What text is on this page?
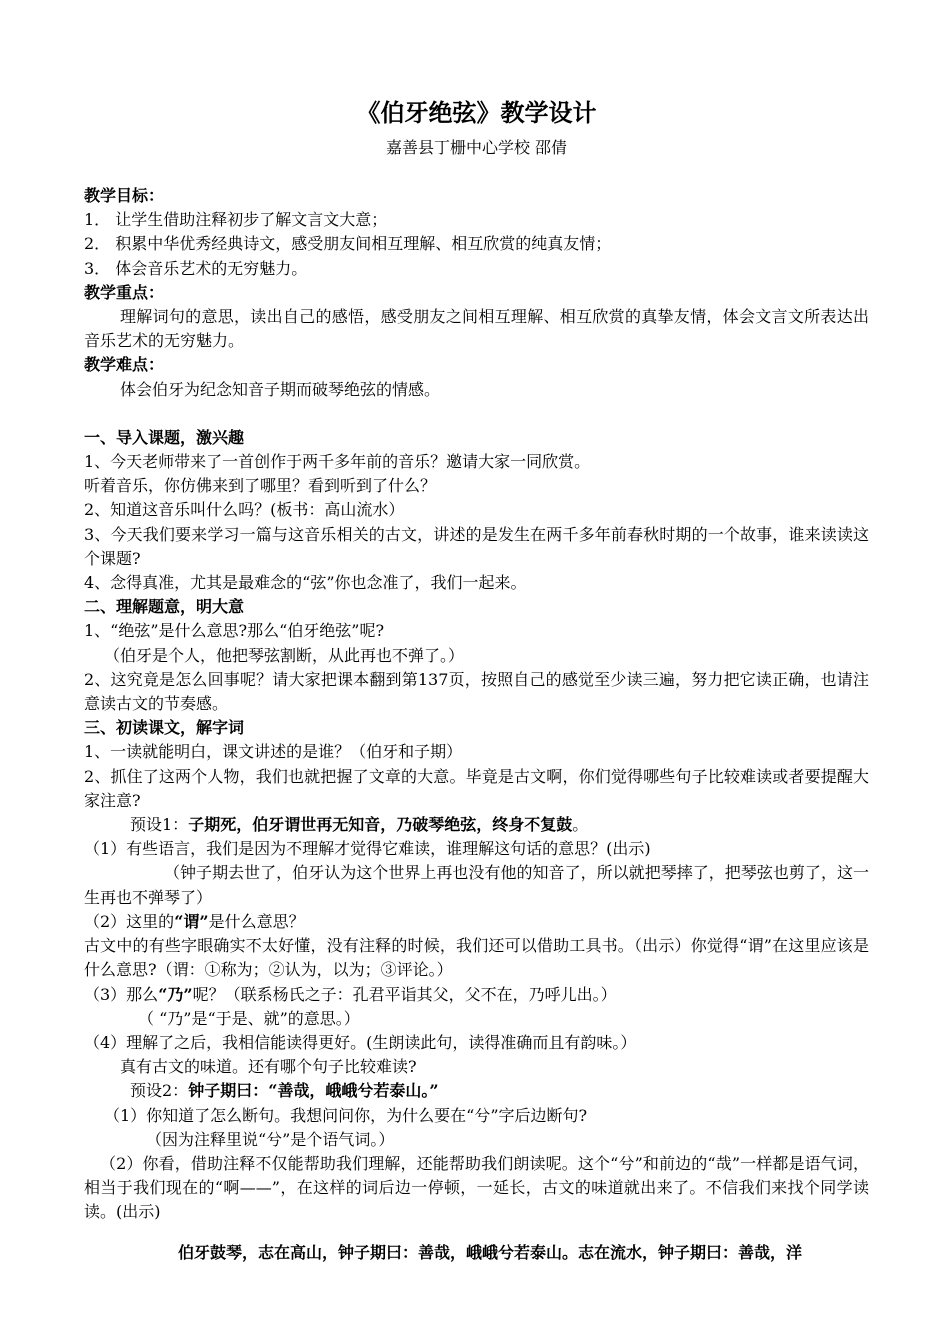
《伯牙绝弦》教学设计

嘉善县丁栅中心学校 邵倩

教学目标：

1． 让学生借助注释初步了解文言文大意；

2． 积累中华优秀经典诗文，感受朋友间相互理解、相互欣赏的纯真友情；

3． 体会音乐艺术的无穷魅力。

教学重点：

理解词句的意思，读出自己的感悟，感受朋友之间相互理解、相互欣赏的真挚友情，体会文言文所表达出音乐艺术的无穷魅力。

教学难点：

体会伯牙为纪念知音子期而破琴绝弦的情感。

一、导入课题，激兴趣

1、今天老师带来了一首创作于两千多年前的音乐？邀请大家一同欣赏。

听着音乐，你仿佛来到了哪里？看到听到了什么？

2、知道这音乐叫什么吗？(板书：高山流水）

3、今天我们要来学习一篇与这音乐相关的古文，讲述的是发生在两千多年前春秋时期的一个故事，谁来读读这个课题?

4、念得真准，尤其是最难念的“弦”你也念准了，我们一起来。

二、理解题意，明大意

1、“绝弦”是什么意思?那么“伯牙绝弦”呢?

（伯牙是个人，他把琴弦割断，从此再也不弹了。）

2、这究竟是怎么回事呢？请大家把课本翻到第137页，按照自己的感觉至少读三遍，努力把它读正确，也请注意读古文的节奏感。

三、初读课文，解字词

1、一读就能明白，课文讲述的是谁？（伯牙和子期）

2、抓住了这两个人物，我们也就把握了文章的大意。毕竟是古文啊，你们觉得哪些句子比较难读或者要提醒大家注意?

预设1：子期死，伯牙谓世再无知音，乃破琴绝弦，终身不复鼓。

（1）有些语言，我们是因为不理解才觉得它难读，谁理解这句话的意思？(出示)

（钟子期去世了，伯牙认为这个世界上再也没有他的知音了，所以就把琴摔了，把琴弦也剪了，这一生再也不弹琴了）

（2）这里的“谓”是什么意思？

古文中的有些字眼确实不太好懂，没有注释的时候，我们还可以借助工具书。（出示）你觉得“谓”在这里应该是什么意思?（谓：①称为；②认为，以为；③评论。）

（3）那么“乃”呢？（联系杨氏之子：孔君平诣其父，父不在，乃呼儿出。）

（ “乃”是“于是、就”的意思。）

（4）理解了之后，我相信能读得更好。(生朗读此句，读得准确而且有韵味。）

真有古文的味道。还有哪个句子比较难读?

预设2：钟子期曰：“善哉，峨峨兮若泰山。”

（1）你知道了怎么断句。我想问问你，为什么要在“兮”字后边断句?

（因为注释里说“兮”是个语气词。）

（2）你看，借助注释不仅能帮助我们理解，还能帮助我们朗读呢。这个“兮”和前边的“哉”一样都是语气词，相当于我们现在的“啊——”，在这样的词后边一停顿，一延长，古文的味道就出来了。不信我们来找个同学读读。(出示)

伯牙鼓琴，志在高山，钟子期曰：善哉，峨峨兮若泰山。志在流水，钟子期曰：善哉，洋
